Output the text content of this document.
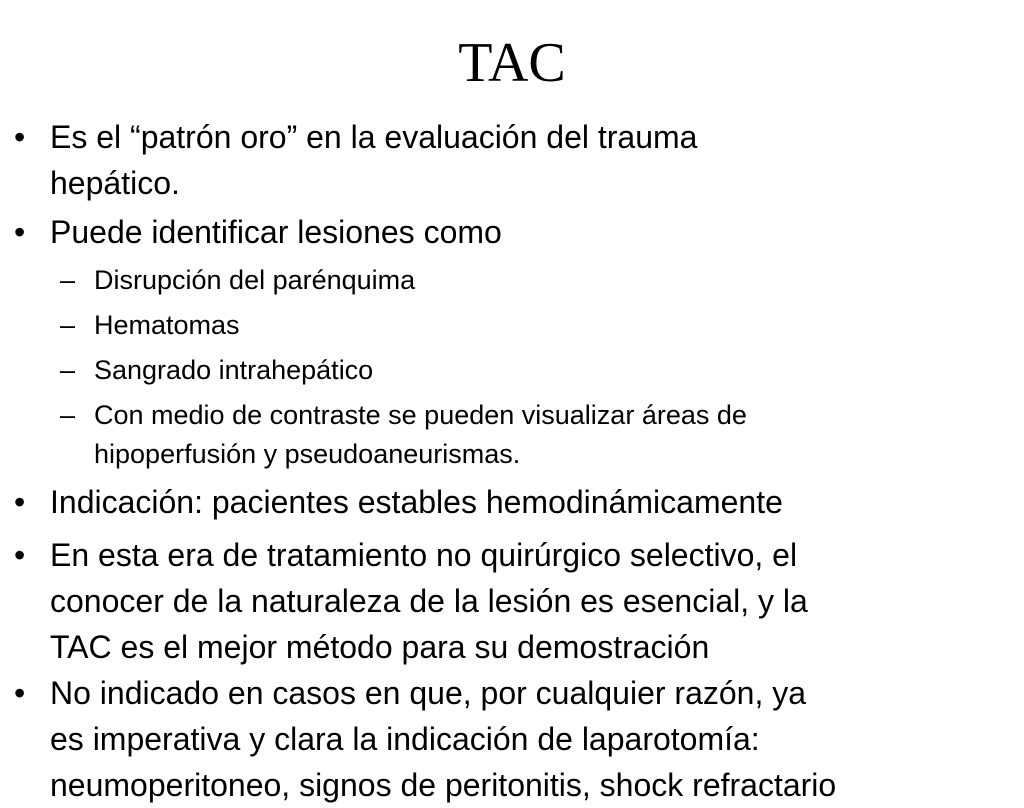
TAC
• Es el “patrón oro” en la evaluación del trauma
hepático.
• Puede identificar lesiones como
– Disrupción del parénquima
– Hematomas
– Sangrado intrahepático
– Con medio de contraste se pueden visualizar áreas de
hipoperfusión y pseudoaneurismas.
• Indicación: pacientes estables hemodinámicamente
• En esta era de tratamiento no quirúrgico selectivo, el
conocer de la naturaleza de la lesión es esencial, y la
TAC es el mejor método para su demostración
• No indicado en casos en que, por cualquier razón, ya
es imperativa y clara la indicación de laparotomía:
neumoperitoneo, signos de peritonitis, shock refractario
